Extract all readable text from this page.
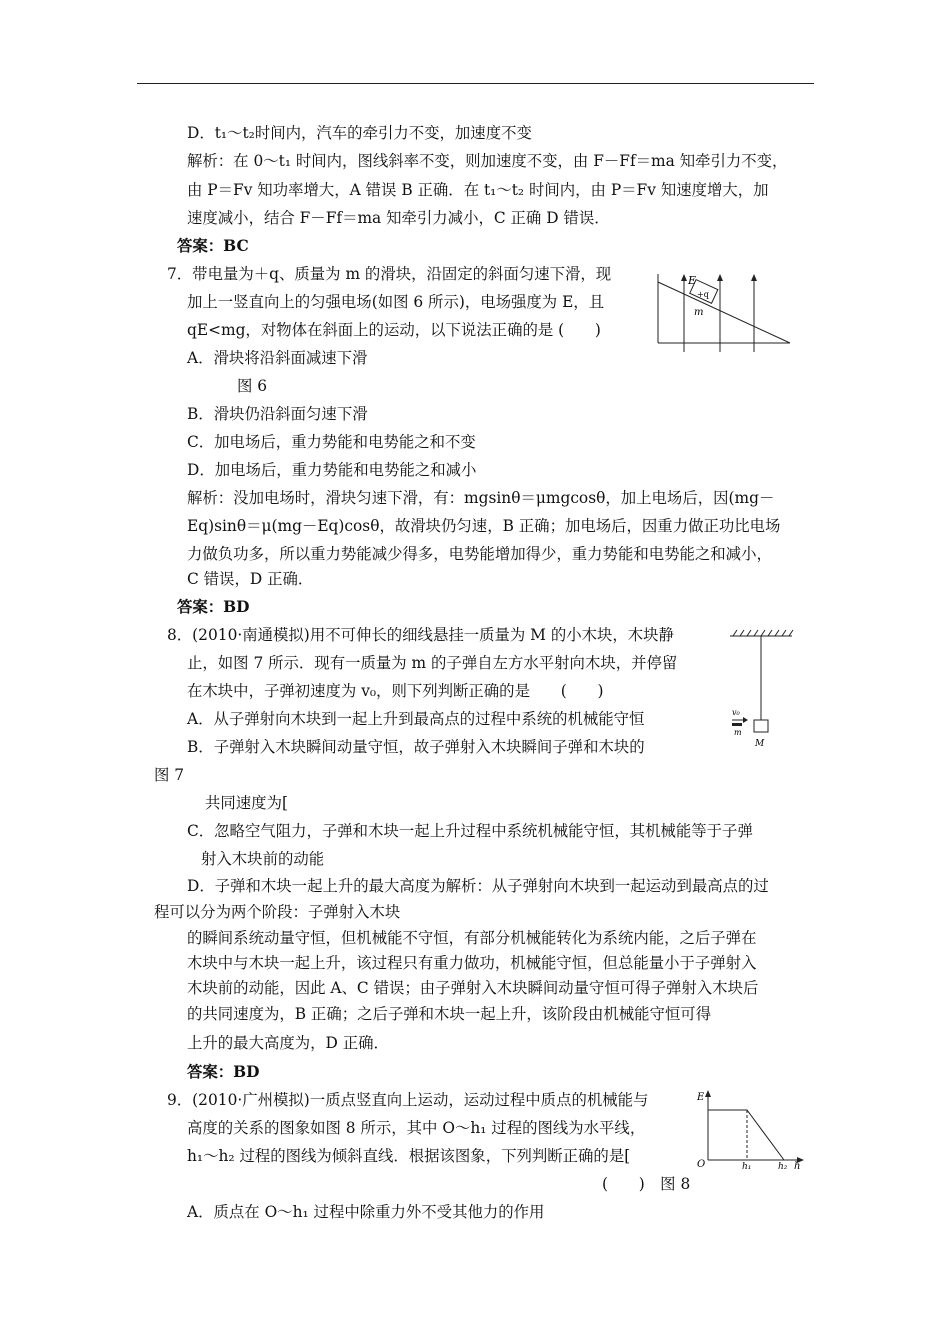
D．t₁～t₂时间内，汽车的牵引力不变，加速度不变
解析：在 0～t₁ 时间内，图线斜率不变，则加速度不变，由 F－Ff＝ma 知牵引力不变，
由 P＝Fv 知功率增大，A 错误 B 正确．在 t₁～t₂ 时间内，由 P＝Fv 知速度增大，加
速度减小，结合 F－Ff＝ma 知牵引力减小，C 正确 D 错误．
答案：BC
7．带电量为＋q、质量为 m 的滑块，沿固定的斜面匀速下滑，现
加上一竖直向上的匀强电场(如图 6 所示)，电场强度为 E，且
qE<mg，对物体在斜面上的运动，以下说法正确的是 (　　)
A．滑块将沿斜面减速下滑
图 6
B．滑块仍沿斜面匀速下滑
C．加电场后，重力势能和电势能之和不变
D．加电场后，重力势能和电势能之和减小
解析：没加电场时，滑块匀速下滑，有：mgsinθ＝μmgcosθ，加上电场后，因(mg－
Eq)sinθ＝μ(mg－Eq)cosθ，故滑块仍匀速，B 正确；加电场后，因重力做正功比电场
力做负功多，所以重力势能减少得多，电势能增加得少，重力势能和电势能之和减小，
C 错误，D 正确．
答案：BD
8．(2010·南通模拟)用不可伸长的细线悬挂一质量为 M 的小木块，木块静
止，如图 7 所示．现有一质量为 m 的子弹自左方水平射向木块，并停留
在木块中，子弹初速度为 v₀，则下列判断正确的是　　(　　)
A．从子弹射向木块到一起上升到最高点的过程中系统的机械能守恒
B．子弹射入木块瞬间动量守恒，故子弹射入木块瞬间子弹和木块的
图 7
共同速度为[
C．忽略空气阻力，子弹和木块一起上升过程中系统机械能守恒，其机械能等于子弹
射入木块前的动能
D．子弹和木块一起上升的最大高度为解析：从子弹射向木块到一起运动到最高点的过
程可以分为两个阶段：子弹射入木块
的瞬间系统动量守恒，但机械能不守恒，有部分机械能转化为系统内能，之后子弹在
木块中与木块一起上升，该过程只有重力做功，机械能守恒，但总能量小于子弹射入
木块前的动能，因此 A、C 错误；由子弹射入木块瞬间动量守恒可得子弹射入木块后
的共同速度为，B 正确；之后子弹和木块一起上升，该阶段由机械能守恒可得
上升的最大高度为，D 正确．
答案：BD
9．(2010·广州模拟)一质点竖直向上运动，运动过程中质点的机械能与
高度的关系的图象如图 8 所示，其中 O～h₁ 过程的图线为水平线，
h₁～h₂ 过程的图线为倾斜直线．根据该图象，下列判断正确的是[
(　　)　图 8
A．质点在 O～h₁ 过程中除重力外不受其他力的作用
E
+q
m
v₀
m
M
E
O	h₁	h₂ h
